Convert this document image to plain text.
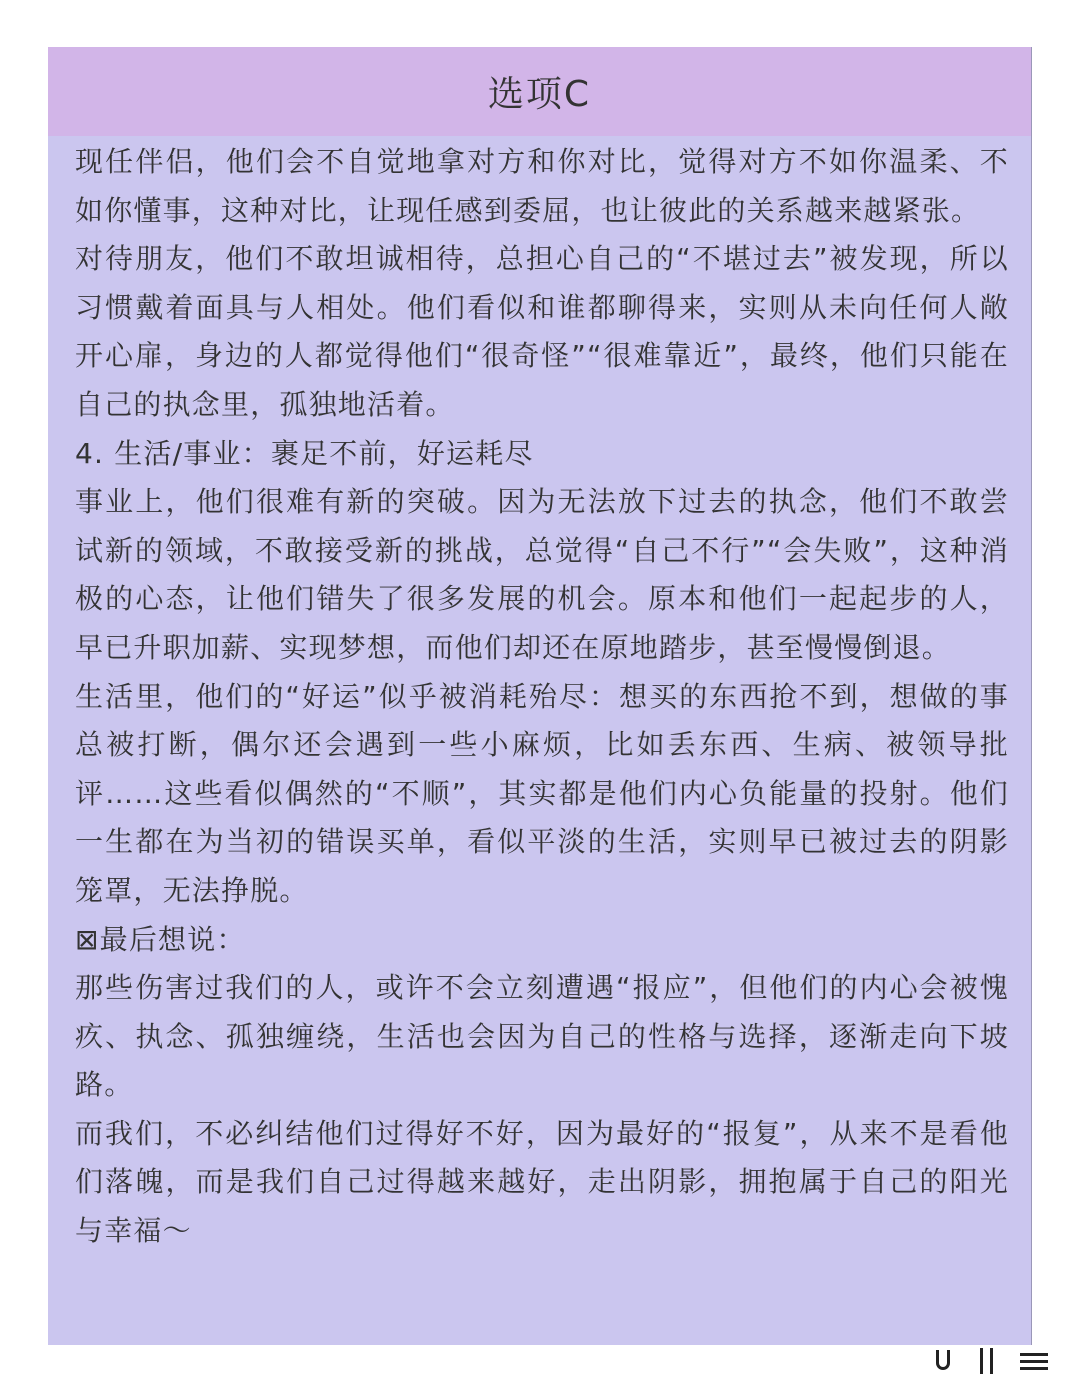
选项C

现任伴侣，他们会不自觉地拿对方和你对比，觉得对方不如你温柔、不如你懂事，这种对比，让现任感到委屈，也让彼此的关系越来越紧张。

对待朋友，他们不敢坦诚相待，总担心自己的“不堪过去”被发现，所以习惯戴着面具与人相处。他们看似和谁都聊得来，实则从未向任何人敞开心扉，身边的人都觉得他们“很奇怪”“很难靠近”，最终，他们只能在自己的执念里，孤独地活着。

4. 生活/事业：裹足不前，好运耗尽

事业上，他们很难有新的突破。因为无法放下过去的执念，他们不敢尝试新的领域，不敢接受新的挑战，总觉得“自己不行”“会失败”，这种消极的心态，让他们错失了很多发展的机会。原本和他们一起起步的人，早已升职加薪、实现梦想，而他们却还在原地踏步，甚至慢慢倒退。

生活里，他们的“好运”似乎被消耗殆尽：想买的东西抢不到，想做的事总被打断，偶尔还会遇到一些小麻烦，比如丢东西、生病、被领导批评……这些看似偶然的“不顺”，其实都是他们内心负能量的投射。他们一生都在为当初的错误买单，看似平淡的生活，实则早已被过去的阴影笼罩，无法挣脱。

⊠最后想说：

那些伤害过我们的人，或许不会立刻遭遇“报应”，但他们的内心会被愧疚、执念、孤独缠绕，生活也会因为自己的性格与选择，逐渐走向下坡路。

而我们，不必纠结他们过得好不好，因为最好的“报复”，从来不是看他们落魄，而是我们自己过得越来越好，走出阴影，拥抱属于自己的阳光与幸福～
